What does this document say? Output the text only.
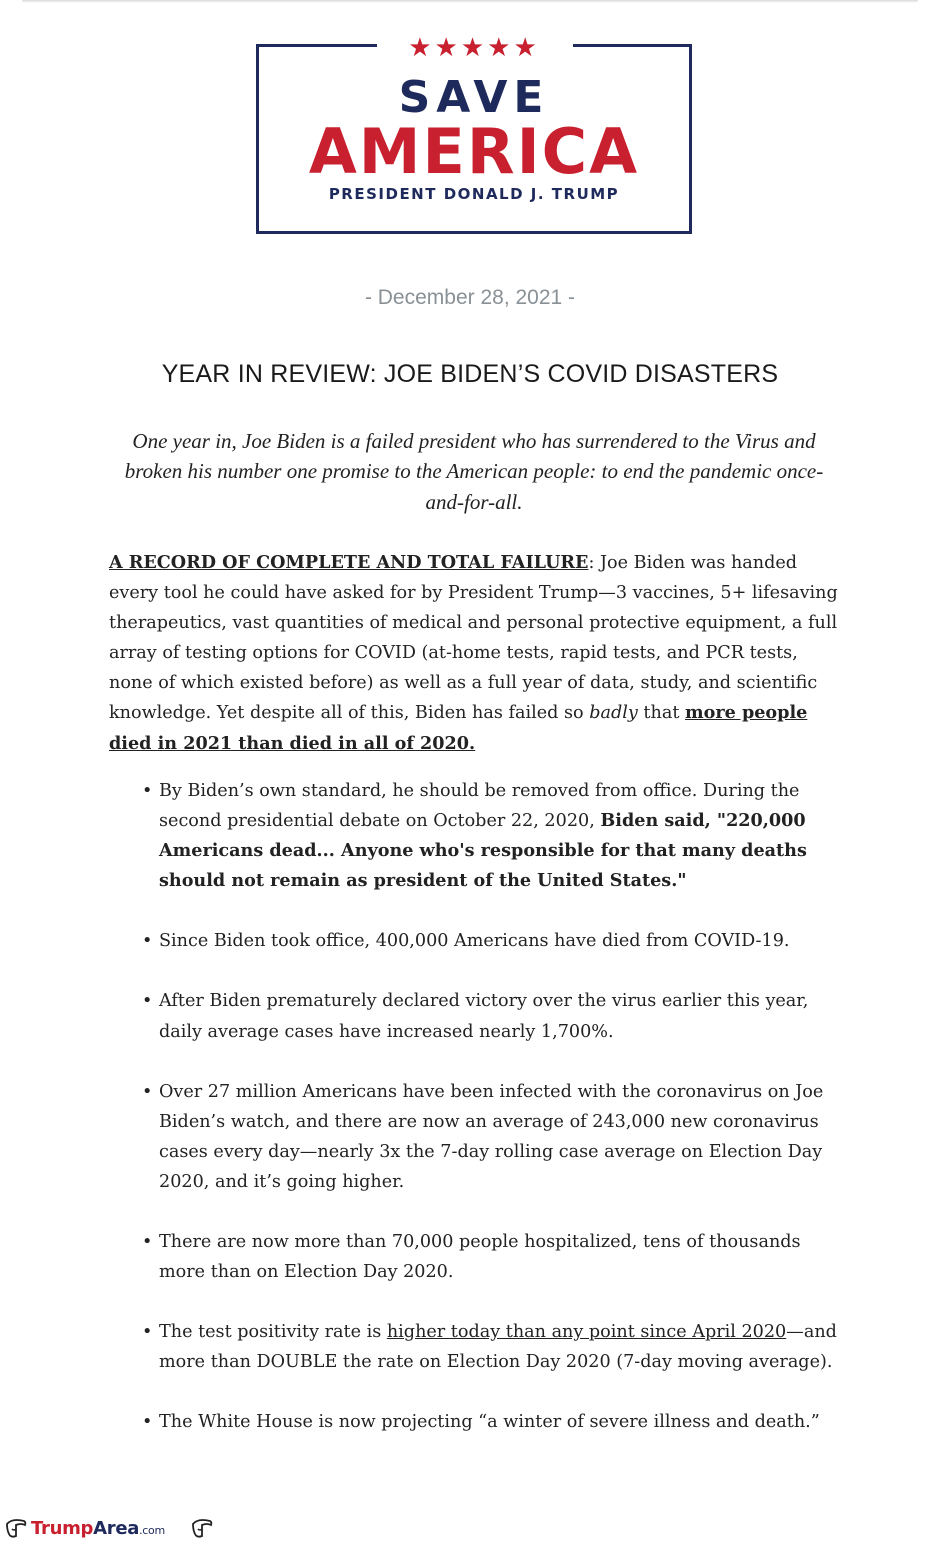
★★★★★
SAVE
AMERICA
PRESIDENT DONALD J. TRUMP
- December 28, 2021 -
YEAR IN REVIEW: JOE BIDEN’S COVID DISASTERS

One year in, Joe Biden is a failed president who has surrendered to the Virus and broken his number one promise to the American people: to end the pandemic once-and-for-all.

A RECORD OF COMPLETE AND TOTAL FAILURE: Joe Biden was handed every tool he could have asked for by President Trump—3 vaccines, 5+ lifesaving therapeutics, vast quantities of medical and personal protective equipment, a full array of testing options for COVID (at-home tests, rapid tests, and PCR tests, none of which existed before) as well as a full year of data, study, and scientific knowledge. Yet despite all of this, Biden has failed so badly that more people died in 2021 than died in all of 2020.

• By Biden’s own standard, he should be removed from office. During the second presidential debate on October 22, 2020, Biden said, "220,000 Americans dead... Anyone who's responsible for that many deaths should not remain as president of the United States."
• Since Biden took office, 400,000 Americans have died from COVID-19.
• After Biden prematurely declared victory over the virus earlier this year, daily average cases have increased nearly 1,700%.
• Over 27 million Americans have been infected with the coronavirus on Joe Biden’s watch, and there are now an average of 243,000 new coronavirus cases every day—nearly 3x the 7-day rolling case average on Election Day 2020, and it’s going higher.
• There are now more than 70,000 people hospitalized, tens of thousands more than on Election Day 2020.
• The test positivity rate is higher today than any point since April 2020—and more than DOUBLE the rate on Election Day 2020 (7-day moving average).
• The White House is now projecting “a winter of severe illness and death.”
TrumpArea.com
